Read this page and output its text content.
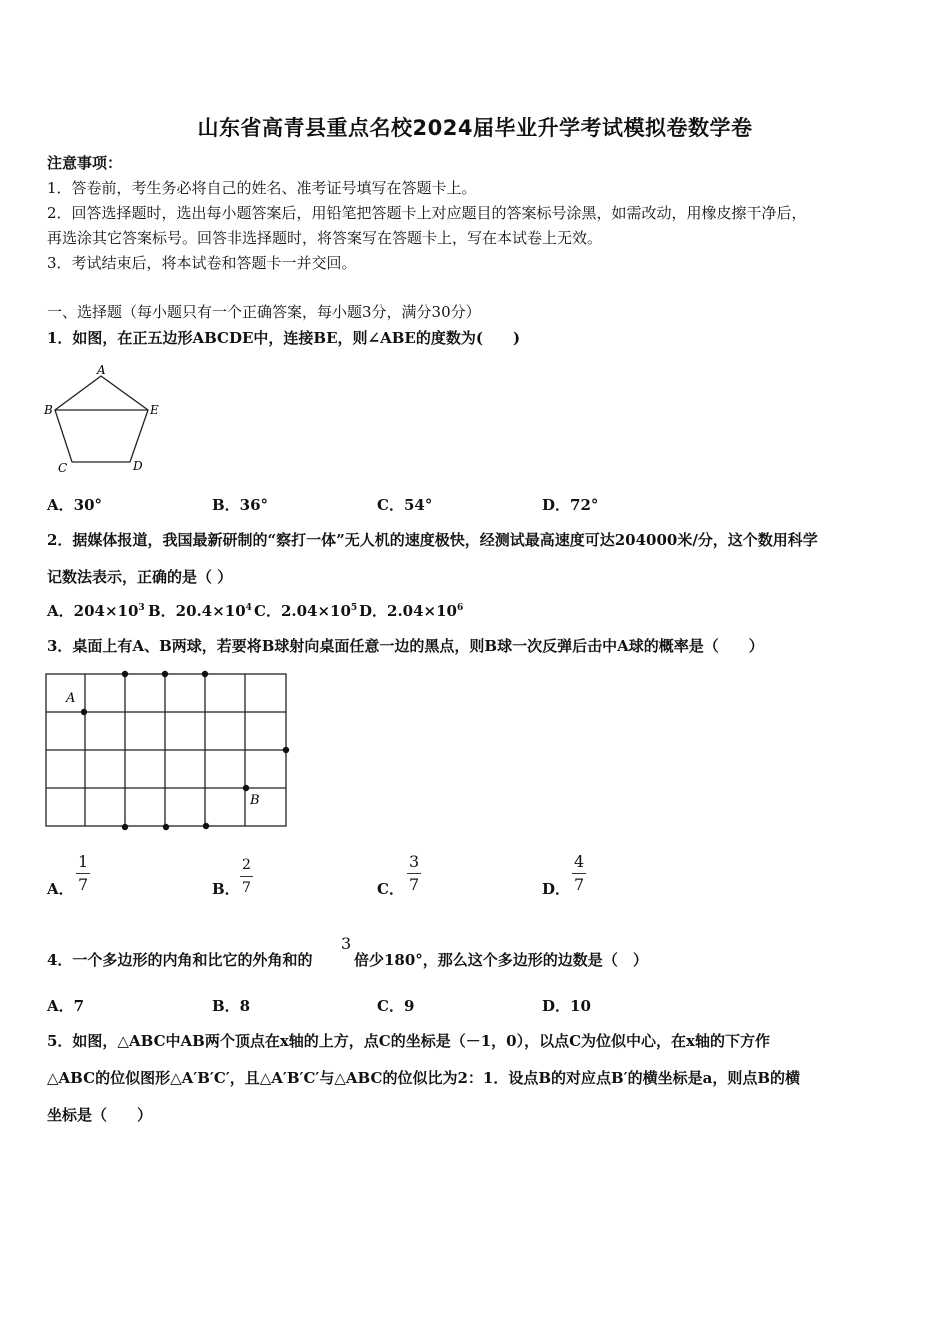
山东省高青县重点名校2024届毕业升学考试模拟卷数学卷
注意事项：
1．答卷前，考生务必将自己的姓名、准考证号填写在答题卡上。
2．回答选择题时，选出每小题答案后，用铅笔把答题卡上对应题目的答案标号涂黑，如需改动，用橡皮擦干净后，
再选涂其它答案标号。回答非选择题时，将答案写在答题卡上，写在本试卷上无效。
3．考试结束后，将本试卷和答题卡一并交回。
一、选择题（每小题只有一个正确答案，每小题3分，满分30分）
1．如图，在正五边形ABCDE中，连接BE，则∠ABE的度数为(　　)
A
B	E
C	D
A．30°	B．36°	C．54°	D．72°
2．据媒体报道，我国最新研制的“察打一体”无人机的速度极快，经测试最高速度可达204000米/分，这个数用科学
记数法表示，正确的是（ ）
A．$204\times 10^3$ B．$20.4\times 10^4$ C．$2.04\times 10^5$ D．$2.04\times 10^6$
3．桌面上有A、B两球，若要将B球射向桌面任意一边的黑点，则B球一次反弹后击中A球的概率是（　　）
A
B
A．
1
7	B．
2
7	C．
3
7	D．
4
7
4．一个多边形的内角和比它的外角和的
3
倍少180°，那么这个多边形的边数是（　）
A．7	B．8	C．9	D．10
5．如图，△ABC中AB两个顶点在x轴的上方，点C的坐标是（－1，0），以点C为位似中心，在x轴的下方作
△ABC的位似图形△A′B′C′，且△A′B′C′与△ABC的位似比为2：1．设点B的对应点B′的横坐标是a，则点B的横
坐标是（　　）
